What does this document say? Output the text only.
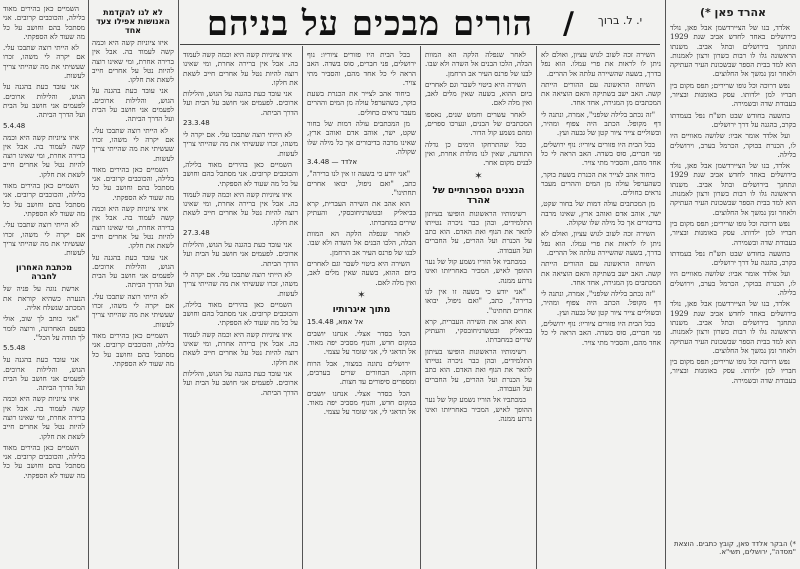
הורים מבכים על בניהם /	י. ל. ברוך
אהרד פאן *)

אלדד, בנו של הציירדשמן אבל פאן, נולד בירושלים באחד לחדש אביב שנת 1929 ונתחנך בירושלים ובתל אביב. משנתו הראשונה גלו לו רבות כשרון ורצון לאמנות. הוא למד בבית הספר שבשכונת העיר העתיקה ולאחר זמן נמשך אל החלוצים.

נפש דרוכה וכל גופו שרירים; תפס מקום בין חבריו למן ילדותו. עסק באומנות ובציור, בעבודת שדה ובשמירה.

בתשעה בחודש שבט תש"ח נפל בעמדתו בקרב, בהגנה על דרך ירושלים.

ועל אלדד אומר אביו: שלושה מאוויים היו לו, הכנרת בבוקר, הכרמל בערב, וירושלים בלילה.

אלדד, בנו של הציירדשמן אבל פאן, נולד בירושלים באחד לחדש אביב שנת 1929 ונתחנך בירושלים ובתל אביב. משנתו הראשונה גלו לו רבות כשרון ורצון לאמנות. הוא למד בבית הספר שבשכונת העיר העתיקה ולאחר זמן נמשך אל החלוצים.

נפש דרוכה וכל גופו שרירים; תפס מקום בין חבריו למן ילדותו. עסק באומנות ובציור, בעבודת שדה ובשמירה.

בתשעה בחודש שבט תש"ח נפל בעמדתו בקרב, בהגנה על דרך ירושלים.

ועל אלדד אומר אביו: שלושה מאוויים היו לו, הכנרת בבוקר, הכרמל בערב, וירושלים בלילה.

אלדד, בנו של הציירדשמן אבל פאן, נולד בירושלים באחד לחדש אביב שנת 1929 ונתחנך בירושלים ובתל אביב. משנתו הראשונה גלו לו רבות כשרון ורצון לאמנות. הוא למד בבית הספר שבשכונת העיר העתיקה ולאחר זמן נמשך אל החלוצים.

נפש דרוכה וכל גופו שרירים; תפס מקום בין חבריו למן ילדותו. עסק באומנות ובציור, בעבודת שדה ובשמירה.

*) הבקר אלדד פאן, קובץ כתבים. הוצאת "מסדה", ירושלים, תשי"א.

השירה זכה לשוב לגוש עציון, ואולם לא ניתן לו לראות את פרי עמלו. הוא נפל בדרך, בשעה שהשיירה עלתה אל ההרים.

השיחה הראשונה עם ההורים הייתה קשה. האב ישב בשתיקה והאם הוציאה את המכתבים מן המגירה, אחד אחד.

"זה נכתב בלילה שלפני", אמרה, ונתנה לי דף מקופל. הכתב היה צפוף ומהיר, ובשוליים צייר ציור קטן של גבעה ועץ.

בכל הבית היו פזורים ציוריו: נוף ירושלים, פני חברים, סוס בשדה. האב הראה לי כל אחד מהם, והסביר מתי צויר.

ביחוד אהב לצייר את הכנרת בשעת בוקר, כשהערפל עולה מן המים וההרים מעבר נראים כחולים.

מן המכתבים עולה דמות של בחור שקט, ישר, אוהב אדם ואוהב ארץ, שאינו מרבה בדיבורים אך כל מילה שלו שקולה.

השירה זכה לשוב לגוש עציון, ואולם לא ניתן לו לראות את פרי עמלו. הוא נפל בדרך, בשעה שהשיירה עלתה אל ההרים.

השיחה הראשונה עם ההורים הייתה קשה. האב ישב בשתיקה והאם הוציאה את המכתבים מן המגירה, אחד אחד.

"זה נכתב בלילה שלפני", אמרה, ונתנה לי דף מקופל. הכתב היה צפוף ומהיר, ובשוליים צייר ציור קטן של גבעה ועץ.

בכל הבית היו פזורים ציוריו: נוף ירושלים, פני חברים, סוס בשדה. האב הראה לי כל אחד מהם, והסביר מתי צויר.

לאחר שנפלה הלקה הא המוות הבלה, הלכו הבנים אל השדה ולא שבו. לבנו של פרנס העיר אב הרחמן.

השירה היא ביטוי לשבר וגם לאחרים ביום ההוא, בשעה שאין מלים לאב, ואין מלה לאם.

לאחר עשרים וחמש שנים, נאספו המכתבים של הבנים, ונערכו ספרים, ומהם נשמע קול הדור.

ככל שהתרחקו הימים כן גדלה התודעה, שאין לנו מולדת אחרת, ואין לבנים מקום אחר.

✶
הנצנים הספרותיים של אהרד

רשימותיו הראשונות הופיעו בעיתון התלמידים, ובהן כבר ניכרה נטייתו לתאר את הנוף ואת האדם. הוא כתב על הכנרת ועל ההרים, על החברים ועל העבודה.

במכתביו אל הוריו נשמע קול של נער ההופך לאיש, המכיר באחריותו ואינו נרתע ממנה.

"אני יודע כי בשעה זו אין לנו ברירה", כתב, "ואם ניפול, יבואו אחרים תחתינו".

הוא אהב את השירה העברית, קרא בביאליק ובטשרניחובסקי, והעתיק שירים במחברתו.

רשימותיו הראשונות הופיעו בעיתון התלמידים, ובהן כבר ניכרה נטייתו לתאר את הנוף ואת האדם. הוא כתב על הכנרת ועל ההרים, על החברים ועל העבודה.

במכתביו אל הוריו נשמע קול של נער ההופך לאיש, המכיר באחריותו ואינו נרתע ממנה.

בכל הבית היו פזורים ציוריו: נוף ירושלים, פני חברים, סוס בשדה. האב הראה לי כל אחד מהם, והסביר מתי צויר.

ביחוד אהב לצייר את הכנרת בשעת בוקר, כשהערפל עולה מן המים וההרים מעבר נראים כחולים.

מן המכתבים עולה דמות של בחור שקט, ישר, אוהב אדם ואוהב ארץ, שאינו מרבה בדיבורים אך כל מילה שלו שקולה.

אלדד — 3.4.48

"אני יודע כי בשעה זו אין לנו ברירה", כתב, "ואם ניפול, יבואו אחרים תחתינו".

הוא אהב את השירה העברית, קרא בביאליק ובטשרניחובסקי, והעתיק שירים במחברתו.

לאחר שנפלה הלקה הא המוות הבלה, הלכו הבנים אל השדה ולא שבו. לבנו של פרנס העיר אב הרחמן.

השירה היא ביטוי לשבר וגם לאחרים ביום ההוא, בשעה שאין מלים לאב, ואין מלה לאם.

✶
מתוך איגרותיו
אל אמא, 15.4.48

הכל בסדר אצלי. אנחנו יושבים במקום חדש, והנוף מסביב יפה מאוד. אל תדאגי לי, אני שומר על עצמי.

ירושלים נתונה במצור, אבל הרוח חזקה. הבחורים שרים בערבים, ומספרים סיפורים עד חצות.

הכל בסדר אצלי. אנחנו יושבים במקום חדש, והנוף מסביב יפה מאוד. אל תדאגי לי, אני שומר על עצמי.

איזו ציוניות קשה היא וכמה קשה לעמוד בה. אבל אין ברירה אחרת, ומי שאינו רוצה להיות נטל על אחרים חייב לשאת את חלקו.

אני עובד כעת בהגנה על הגוש, והלילות ארוכים. לפעמים אני חושב על הבית ועל הדרך הביתה.

23.3.48

לא הייתי רוצה שתבכו עלי. אם יקרה לי משהו, זכרו שעשיתי את מה שהייתי צריך לעשות.

השמיים כאן בהירים מאוד בלילה, והכוכבים קרובים. אני מסתכל בהם וחושב על כל מה שעוד לא הספקתי.

איזו ציוניות קשה היא וכמה קשה לעמוד בה. אבל אין ברירה אחרת, ומי שאינו רוצה להיות נטל על אחרים חייב לשאת את חלקו.

27.3.48

אני עובד כעת בהגנה על הגוש, והלילות ארוכים. לפעמים אני חושב על הבית ועל הדרך הביתה.

לא הייתי רוצה שתבכו עלי. אם יקרה לי משהו, זכרו שעשיתי את מה שהייתי צריך לעשות.

השמיים כאן בהירים מאוד בלילה, והכוכבים קרובים. אני מסתכל בהם וחושב על כל מה שעוד לא הספקתי.

איזו ציוניות קשה היא וכמה קשה לעמוד בה. אבל אין ברירה אחרת, ומי שאינו רוצה להיות נטל על אחרים חייב לשאת את חלקו.

אני עובד כעת בהגנה על הגוש, והלילות ארוכים. לפעמים אני חושב על הבית ועל הדרך הביתה.

לא לנו להקדמת האנושות אפילו צעד אחד

איזו ציוניות קשה היא וכמה קשה לעמוד בה. אבל אין ברירה אחרת, ומי שאינו רוצה להיות נטל על אחרים חייב לשאת את חלקו.

אני עובד כעת בהגנה על הגוש, והלילות ארוכים. לפעמים אני חושב על הבית ועל הדרך הביתה.

לא הייתי רוצה שתבכו עלי. אם יקרה לי משהו, זכרו שעשיתי את מה שהייתי צריך לעשות.

השמיים כאן בהירים מאוד בלילה, והכוכבים קרובים. אני מסתכל בהם וחושב על כל מה שעוד לא הספקתי.

איזו ציוניות קשה היא וכמה קשה לעמוד בה. אבל אין ברירה אחרת, ומי שאינו רוצה להיות נטל על אחרים חייב לשאת את חלקו.

אני עובד כעת בהגנה על הגוש, והלילות ארוכים. לפעמים אני חושב על הבית ועל הדרך הביתה.

לא הייתי רוצה שתבכו עלי. אם יקרה לי משהו, זכרו שעשיתי את מה שהייתי צריך לעשות.

השמיים כאן בהירים מאוד בלילה, והכוכבים קרובים. אני מסתכל בהם וחושב על כל מה שעוד לא הספקתי.

השמיים כאן בהירים מאוד בלילה, והכוכבים קרובים. אני מסתכל בהם וחושב על כל מה שעוד לא הספקתי.

לא הייתי רוצה שתבכו עלי. אם יקרה לי משהו, זכרו שעשיתי את מה שהייתי צריך לעשות.

אני עובד כעת בהגנה על הגוש, והלילות ארוכים. לפעמים אני חושב על הבית ועל הדרך הביתה.

5.4.48

איזו ציוניות קשה היא וכמה קשה לעמוד בה. אבל אין ברירה אחרת, ומי שאינו רוצה להיות נטל על אחרים חייב לשאת את חלקו.

השמיים כאן בהירים מאוד בלילה, והכוכבים קרובים. אני מסתכל בהם וחושב על כל מה שעוד לא הספקתי.

לא הייתי רוצה שתבכו עלי. אם יקרה לי משהו, זכרו שעשיתי את מה שהייתי צריך לעשות.

מכתבת האחרון לחברה

ארשת נוגה על פניה של הנערה כשהיא קוראת את המכתב שנשלח אליה.

"אני כותב לך שוב, אולי בפעם האחרונה, ורוצה לומר לך תודה על הכל".

5.5.48

אני עובד כעת בהגנה על הגוש, והלילות ארוכים. לפעמים אני חושב על הבית ועל הדרך הביתה.

איזו ציוניות קשה היא וכמה קשה לעמוד בה. אבל אין ברירה אחרת, ומי שאינו רוצה להיות נטל על אחרים חייב לשאת את חלקו.

השמיים כאן בהירים מאוד בלילה, והכוכבים קרובים. אני מסתכל בהם וחושב על כל מה שעוד לא הספקתי.
